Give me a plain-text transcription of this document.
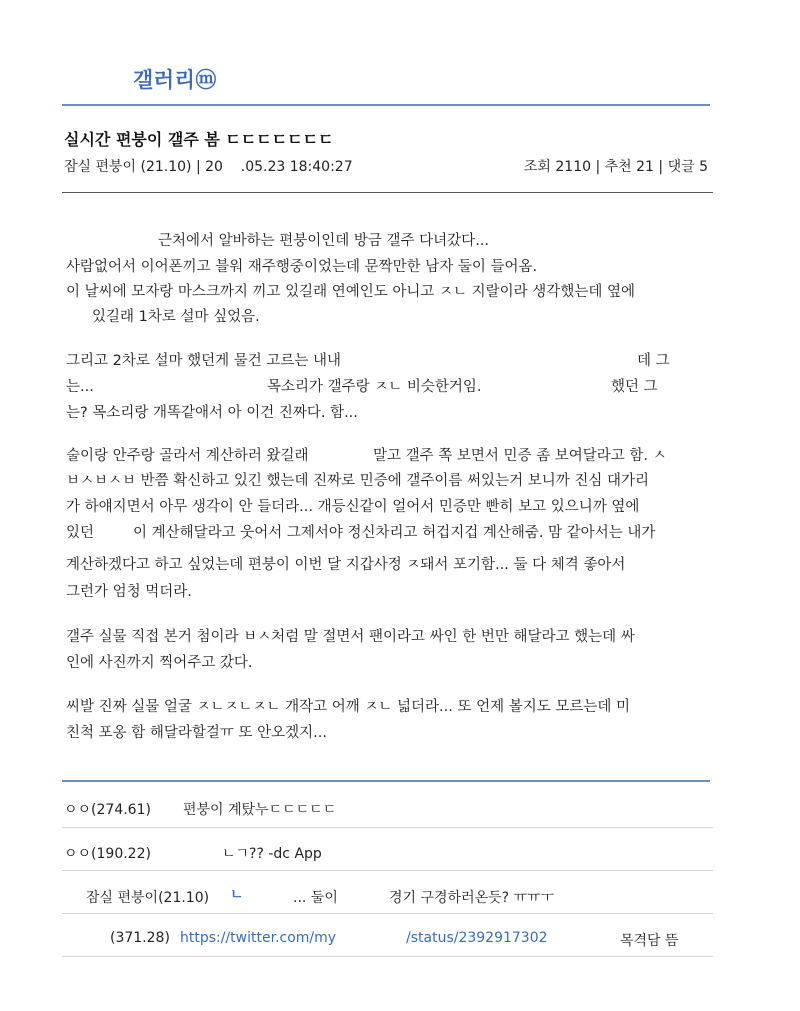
갤러리ⓜ
실시간 편붕이 갤주 봄 ㄷㄷㄷㄷㄷㄷㄷ
잠실 편붕이 (21.10) | 20    .05.23 18:40:27	조회 2110 | 추천 21 | 댓글 5
근처에서 알바하는 편붕이인데 방금 갤주 다녀갔다...
사람없어서 이어폰끼고 블워 재주행중이었는데 문짝만한 남자 둘이 들어옴.
이 날씨에 모자랑 마스크까지 끼고 있길래 연예인도 아니고 ㅈㄴ 지랄이라 생각했는데 옆에
있길래 1차로 설마 싶었음.
그리고 2차로 설마 했던게 물건 고르는 내내	데 그
는...	목소리가 갤주랑 ㅈㄴ 비슷한거임.	했던 그
는? 목소리랑 개똑같애서 아 이건 진짜다. 함...
술이랑 안주랑 골라서 계산하러 왔길래	말고 갤주 쪽 보면서 민증 좀 보여달라고 함. ㅅ
ㅂㅅㅂㅅㅂ 반쯤 확신하고 있긴 했는데 진짜로 민증에 갤주이름 써있는거 보니까 진심 대가리
가 하얘지면서 아무 생각이 안 들더라... 개등신같이 얼어서 민증만 빤히 보고 있으니까 옆에
있던	이 계산해달라고 웃어서 그제서야 정신차리고 허겁지겁 계산해줌. 맘 같아서는 내가
계산하겠다고 하고 싶었는데 편붕이 이번 달 지갑사정 ㅈ돼서 포기함... 둘 다 체격 좋아서
그런가 엄청 먹더라.
갤주 실물 직접 본거 첨이라 ㅂㅅ처럼 말 절면서 팬이라고 싸인 한 번만 해달라고 했는데 싸
인에 사진까지 찍어주고 갔다.
씨발 진짜 실물 얼굴 ㅈㄴㅈㄴㅈㄴ 개작고 어깨 ㅈㄴ 넓더라... 또 언제 볼지도 모르는데 미
친척 포옹 함 해달라할걸ㅠ 또 안오겠지...
ㅇㅇ(274.61) 편붕이 계탔누ㄷㄷㄷㄷㄷ
ㅇㅇ(190.22)	ㄴㄱ?? -dc App
잠실 편붕이(21.10) ㄴ	... 둘이	경기 구경하러온듯? ㅠㅠㅜ
(371.28) https://twitter.com/my	/status/2392917302	목격담 뜸
